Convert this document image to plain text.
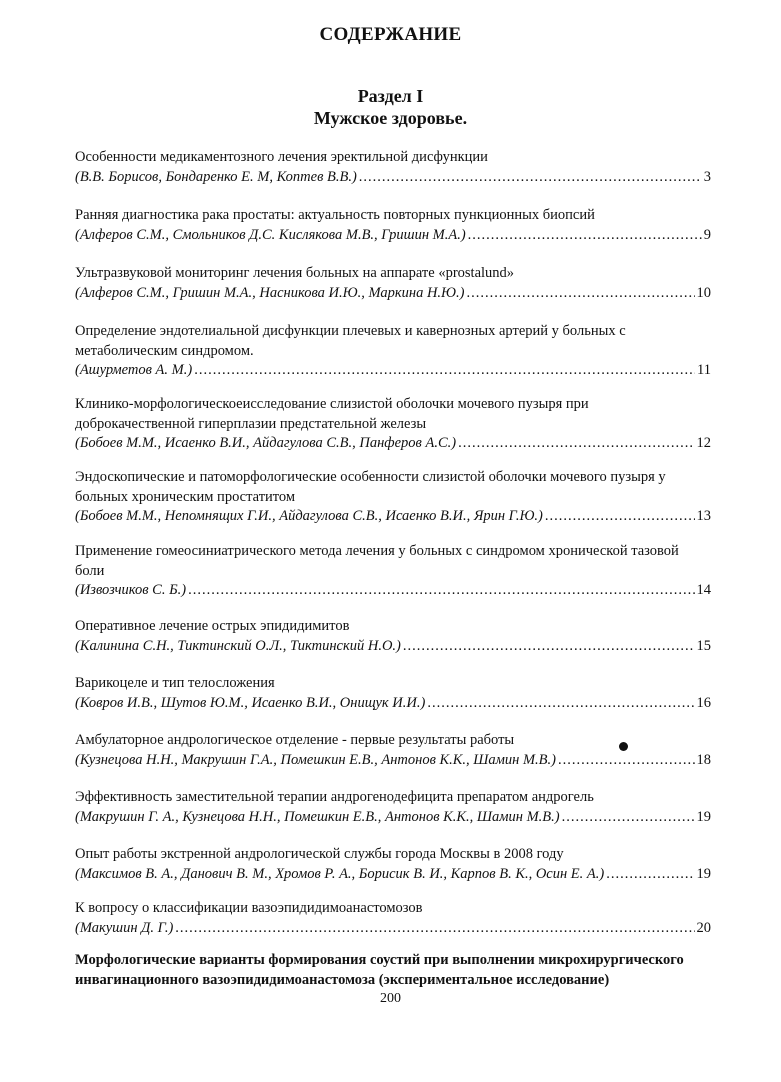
СОДЕРЖАНИЕ
Раздел I
Мужское здоровье.
Особенности медикаментозного лечения эректильной дисфункции
(В.В. Борисов, Бондаренко Е. М, Коптев В.В.) .....	3
Ранняя диагностика рака простаты: актуальность повторных пункционных биопсий
(Алферов С.М., Смольников Д.С. Кислякова М.В., Гришин М.А.) .....	9
Ультразвуковой мониторинг лечения больных на аппарате «prostalund»
(Алферов С.М., Гришин М.А., Насникова И.Ю., Маркина Н.Ю.) .....	10
Определение эндотелиальной дисфункции плечевых и кавернозных артерий у больных с метаболическим синдромом.
(Ашурметов А. М.) .....	11
Клинико-морфологическоеисследование слизистой оболочки мочевого пузыря при доброкачественной гиперплазии предстательной железы
(Бобоев М.М., Исаенко В.И., Айдагулова С.В., Панферов А.С.) .....	12
Эндоскопические и патоморфологические особенности слизистой оболочки мочевого пузыря у больных хроническим простатитом
(Бобоев М.М., Непомнящих Г.И., Айдагулова С.В., Исаенко В.И., Ярин Г.Ю.) .....	13
Применение гомеосиниатрического метода лечения у больных с синдромом хронической тазовой боли
(Извозчиков С. Б.) .....	14
Оперативное лечение острых эпидидимитов
(Калинина С.Н., Тиктинский О.Л., Тиктинский Н.О.) .....	15
Варикоцеле и тип телосложения
(Ковров И.В., Шутов Ю.М., Исаенко В.И., Онищук И.И.) .....	16
Амбулаторное андрологическое отделение - первые результаты работы
(Кузнецова Н.Н., Макрушин Г.А., Помешкин Е.В., Антонов К.К., Шамин М.В.) .....	18
Эффективность заместительной терапии андрогенодефицита препаратом андрогель
(Макрушин Г. А., Кузнецова Н.Н., Помешкин Е.В., Антонов К.К., Шамин М.В.) .....	19
Опыт работы экстренной андрологической службы города Москвы в 2008 году
(Максимов В. А., Данович В. М., Хромов Р. А., Борисик В. И., Карпов В. К., Осин Е. А.) .....	19
К вопросу о классификации вазоэпидидимоанастомозов
(Макушин Д. Г.) .....	20
Морфологические варианты формирования соустий при выполнении микрохирургического инвагинационного вазоэпидидимоанастомоза (экспериментальное исследование)
200
